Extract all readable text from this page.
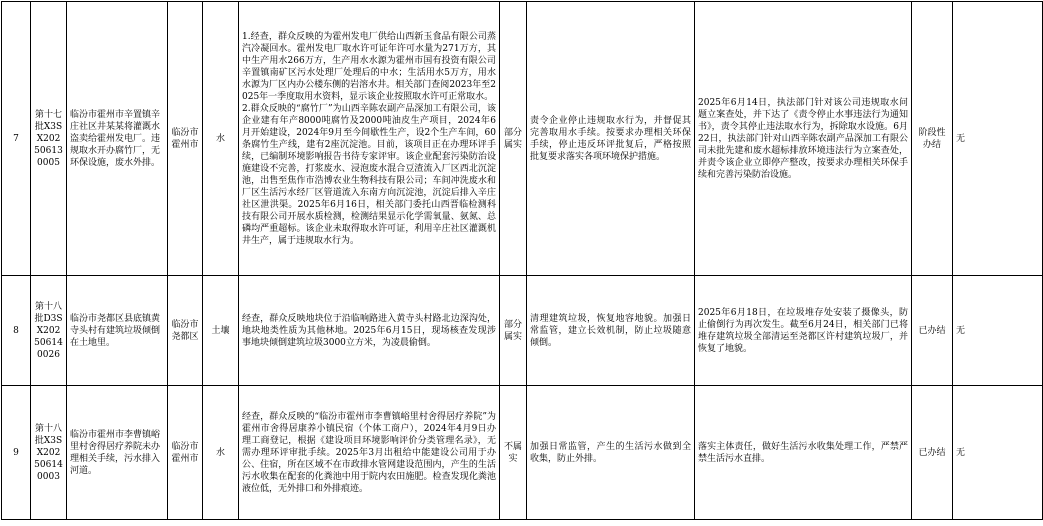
7	第十七批X3SX202506130005	临汾市霍州市辛置镇辛庄社区井某某将灌溉水盗卖给霍州发电厂。违规取水开办腐竹厂，无环保设施，废水外排。	临汾市霍州市	水	1.经查，群众反映的为霍州发电厂供给山西新玉食品有限公司蒸汽冷凝回水。霍州发电厂取水许可证年许可水量为271万方，其中生产用水266万方，生产用水水源为霍州市国有投资有限公司辛置镇南矿区污水处理厂处理后的中水；生活用水5万方，用水水源为厂区内办公楼东侧的岩溶水井。相关部门查阅2023年至2025年一季度取用水资料，显示该企业按照取水许可正常取水。
2.群众反映的“腐竹厂”为山西辛陈农副产品深加工有限公司，该企业建有年产8000吨腐竹及2000吨油皮生产项目，2024年6月开始建设，2024年9月至今间歇性生产，设2个生产车间，60条腐竹生产线，建有2座沉淀池。目前，该项目正在办理环评手续，已编制环境影响报告书待专家评审。该企业配套污染防治设施建设不完善，打浆废水、浸泡废水混合豆渣流入厂区西北沉淀池，出售至焦作市浩博农业生物科技有限公司；车间冲洗废水和厂区生活污水经厂区管道流入东南方向沉淀池，沉淀后排入辛庄社区泄洪渠。2025年6月16日，相关部门委托山西晋临检测科技有限公司开展水质检测，检测结果显示化学需氧量、氨氮、总磷均严重超标。该企业未取得取水许可证，利用辛庄社区灌溉机井生产，属于违规取水行为。	部分属实	责令企业停止违规取水行为，并督促其完善取用水手续。按要求办理相关环保手续，停止违反环评批复后，严格按照批复要求落实各项环境保护措施。	2025年6月14日，执法部门针对该公司违规取水问题立案查处，并下达了《责令停止水事违法行为通知书》，责令其停止违法取水行为，拆除取水设施。6月22日，执法部门针对山西辛陈农副产品深加工有限公司未批先建和废水超标排放环境违法行为立案查处，并责令该企业立即停产整改，按要求办理相关环保手续和完善污染防治设施。	阶段性办结	无
8	第十八批D3SX202506140026	临汾市尧都区县底镇黄寺头村有建筑垃圾倾倒在土地里。	临汾市尧都区	土壤	经查，群众反映地块位于沿临响路进入黄寺头村路北边深沟处，地块地类性质为其他林地。2025年6月15日，现场核查发现涉事地块倾倒建筑垃圾3000立方米，为凌晨偷倒。	部分属实	清理建筑垃圾，恢复地容地貌。加强日常监管，建立长效机制，防止垃圾随意倾倒。	2025年6月18日，在垃圾堆存处安装了摄像头，防止偷倒行为再次发生。截至6月24日，相关部门已将堆存建筑垃圾全部清运至尧都区许村建筑垃圾厂，并恢复了地貌。	已办结	无
9	第十八批X3SX202506140003	临汾市霍州市李曹镇峪里村舍得居疗养院未办理相关手续，污水排入河道。	临汾市霍州市	水	经查，群众反映的“临汾市霍州市李曹镇峪里村舍得居疗养院”为霍州市舍得居康养小镇民宿（个体工商户），2024年4月9日办理工商登记，根据《建设项目环境影响评价分类管理名录》，无需办理环评审批手续。2025年3月出租给中能建设公司用于办公、住宿，所在区域不在市政排水管网建设范围内，产生的生活污水收集在配套的化粪池中用于院内农田施肥。检查发现化粪池液位低，无外排口和外排痕迹。	不属实	加强日常监管，产生的生活污水做到全收集，防止外排。	落实主体责任，做好生活污水收集处理工作，严禁严禁生活污水直排。	已办结	无
